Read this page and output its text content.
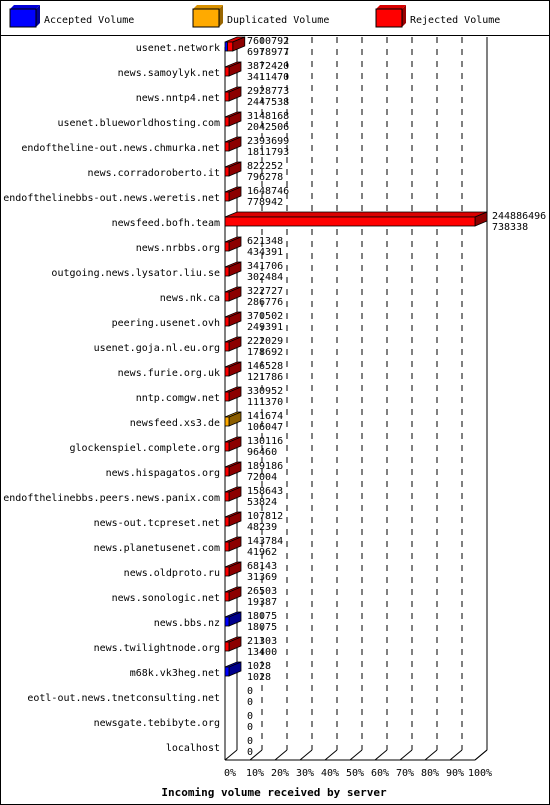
Accepted Volume	Duplicated Volume	Rejected Volume
usenet.network
news.samoylyk.net
news.nntp4.net
usenet.blueworldhosting.com
endoftheline-out.news.chmurka.net
news.corradoroberto.it
endofthelinebbs-out.news.weretis.net
newsfeed.bofh.team
news.nrbbs.org
outgoing.news.lysator.liu.se
news.nk.ca
peering.usenet.ovh
usenet.goja.nl.eu.org
news.furie.org.uk
nntp.comgw.net
newsfeed.xs3.de
glockenspiel.complete.org
news.hispagatos.org
endofthelinebbs.peers.news.panix.com
news-out.tcpreset.net
news.planetusenet.com
news.oldproto.ru
news.sonologic.net
news.bbs.nz
news.twilightnode.org
m68k.vk3heg.net
eotl-out.news.tnetconsulting.net
newsgate.tebibyte.org
localhost
7600792
6978977
3872420
3411470
2928773
2447538
3148168
2042506
2393699
1811793
822252
796278
1648746
778942
244886496
738338
621348
434391
341706
302484
322727
286776
370502
249391
222029
178692
146528
121786
330952
111370
141674
106047
130116
96460
189186
72004
158643
53824
107812
48239
143784
41962
68143
31369
26503
19387
18075
18075
21303
13400
1028
1028
0
0
0
0
0
0
0% 10% 20% 30% 40% 50% 60% 70% 80% 90% 100%
Incoming volume received by server
